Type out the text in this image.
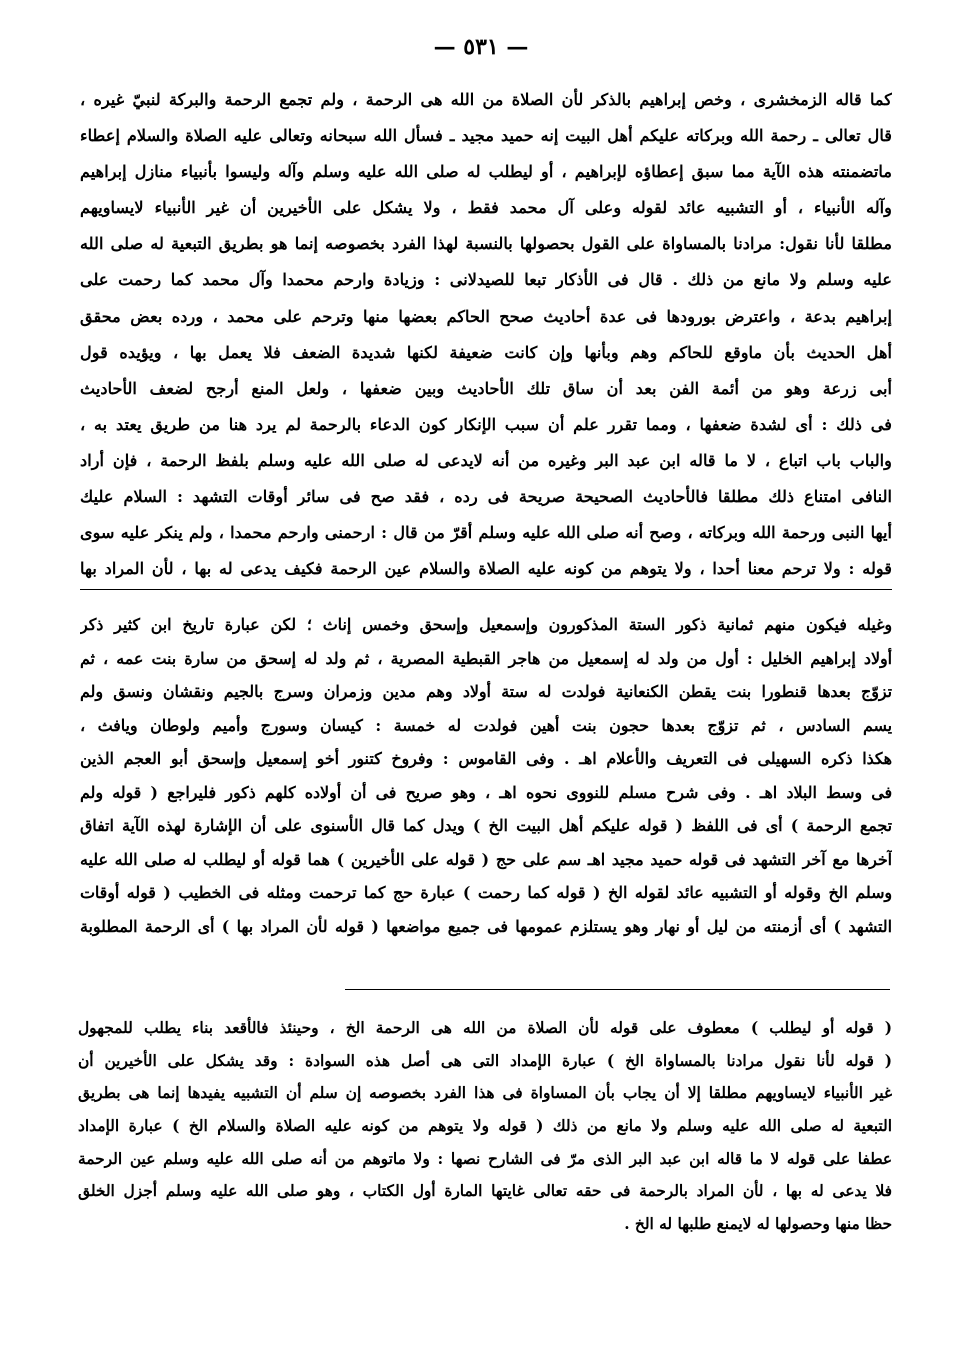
— ٥٣١ —
كما قاله الزمخشرى ، وخص إبراهيم بالذكر لأن الصلاة من الله هى الرحمة ، ولم تجمع الرحمة والبركة لنبيّ غيره ،
قال تعالى ـ رحمة الله وبركاته عليكم أهل البيت إنه حميد مجيد ـ فسأل الله سبحانه وتعالى عليه الصلاة والسلام إعطاء
ماتضمنته هذه الآية مما سبق إعطاؤه لإبراهيم ، أو ليطلب له صلى الله عليه وسلم وآله وليسوا بأنبياء منازل إبراهيم
وآله الأنبياء ، أو التشبيه عائد لقوله وعلى آل محمد فقط ، ولا يشكل على الأخيرين أن غير الأنبياء لايساويهم
مطلقا لأنا نقول: مرادنا بالمساواة على القول بحصولها بالنسبة لهذا الفرد بخصوصه إنما هو بطريق التبعية له صلى الله
عليه وسلم ولا مانع من ذلك . قال فى الأذكار تبعا للصيدلانى : وزيادة وارحم محمدا وآل محمد كما رحمت على
إبراهيم بدعة ، واعترض بورودها فى عدة أحاديث صحح الحاكم بعضها منها وترحم على محمد ، ورده بعض محقق
أهل الحديث بأن ماوقع للحاكم وهم وبأنها وإن كانت ضعيفة لكنها شديدة الضعف فلا يعمل بها ، ويؤيده قول
أبى زرعة وهو من أئمة الفن بعد أن ساق تلك الأحاديث وبين ضعفها ، ولعل المنع أرجح لضعف الأحاديث
فى ذلك : أى لشدة ضعفها ، ومما تقرر علم أن سبب الإنكار كون الدعاء بالرحمة لم يرد هنا من طريق يعتد به ،
والباب باب اتباع ، لا ما قاله ابن عبد البر وغيره من أنه لايدعى له صلى الله عليه وسلم بلفظ الرحمة ، فإن أراد
النافى امتناع ذلك مطلقا فالأحاديث الصحيحة صريحة فى رده ، فقد صح فى سائر أوقات التشهد : السلام عليك
أيها النبى ورحمة الله وبركاته ، وصح أنه صلى الله عليه وسلم أقرّ من قال : ارحمنى وارحم محمدا ، ولم ينكر عليه سوى
قوله : ولا ترحم معنا أحدا ، ولا يتوهم من كونه عليه الصلاة والسلام عين الرحمة فكيف يدعى له بها ، لأن المراد بها
وغيله فيكون منهم ثمانية ذكور الستة المذكورون وإسمعيل وإسحق وخمس إناث ؛ لكن عبارة تاريخ ابن كثير ذكر
أولاد إبراهيم الخليل : أول من ولد له إسمعيل من هاجر القبطية المصرية ، ثم ولد له إسحق من سارة بنت عمه ، ثم
تزوّج بعدها قنطورا بنت يقطن الكنعانية فولدت له ستة أولاد وهم مدين وزمران وسرج بالجيم ونقشان ونسق ولم
يسم السادس ، ثم تزوّج بعدها حجون بنت أهين فولدت له خمسة : كيسان وسورج وأميم ولوطان ويافث ،
هكذا ذكره السهيلى فى التعريف والأعلام اهـ . وفى القاموس : وفروخ كتنور أخو إسمعيل وإسحق أبو العجم الذين
فى وسط البلاد اهـ . وفى شرح مسلم للنووى نحوه اهـ ، وهو صريح فى أن أولاده كلهم ذكور فليراجع ( قوله ولم
تجمع الرحمة ) أى فى اللفظ ( قوله عليكم أهل البيت الخ ) ويدل كما قال الأسنوى على أن الإشارة لهذه الآية اتفاق
آخرها مع آخر التشهد فى قوله حميد مجيد اهـ سم على حج ( قوله على الأخيرين ) هما قوله أو ليطلب له صلى الله عليه
وسلم الخ وقوله أو التشبيه عائد لقوله الخ ( قوله كما رحمت ) عبارة حج كما ترحمت ومثله فى الخطيب ( قوله أوقات
التشهد ) أى أزمنته من ليل أو نهار وهو يستلزم عمومها فى جميع مواضعها ( قوله لأن المراد بها ) أى الرحمة المطلوبة
( قوله أو ليطلب ) معطوف على قوله لأن الصلاة من الله هى الرحمة الخ ، وحينئذ فالأقعد بناء يطلب للمجهول
( قوله لأنا نقول مرادنا بالمساواة الخ ) عبارة الإمداد التى هى أصل هذه السوادة : وقد يشكل على الأخيرين أن
غير الأنبياء لايساويهم مطلقا إلا أن يجاب بأن المساواة فى هذا الفرد بخصوصه إن سلم أن التشبيه يفيدها إنما هى بطريق
التبعية له صلى الله عليه وسلم ولا مانع من ذلك ( قوله ولا يتوهم من كونه عليه الصلاة والسلام الخ ) عبارة الإمداد
عطفا على قوله لا ما قاله ابن عبد البر الذى مرّ فى الشارح نصها : ولا ماتوهم من أنه صلى الله عليه وسلم عين الرحمة
فلا يدعى له بها ، لأن المراد بالرحمة فى حقه تعالى غايتها المارة أول الكتاب ، وهو صلى الله عليه وسلم أجزل الخلق
حظا منها وحصولها له لايمنع طلبها له الخ .
